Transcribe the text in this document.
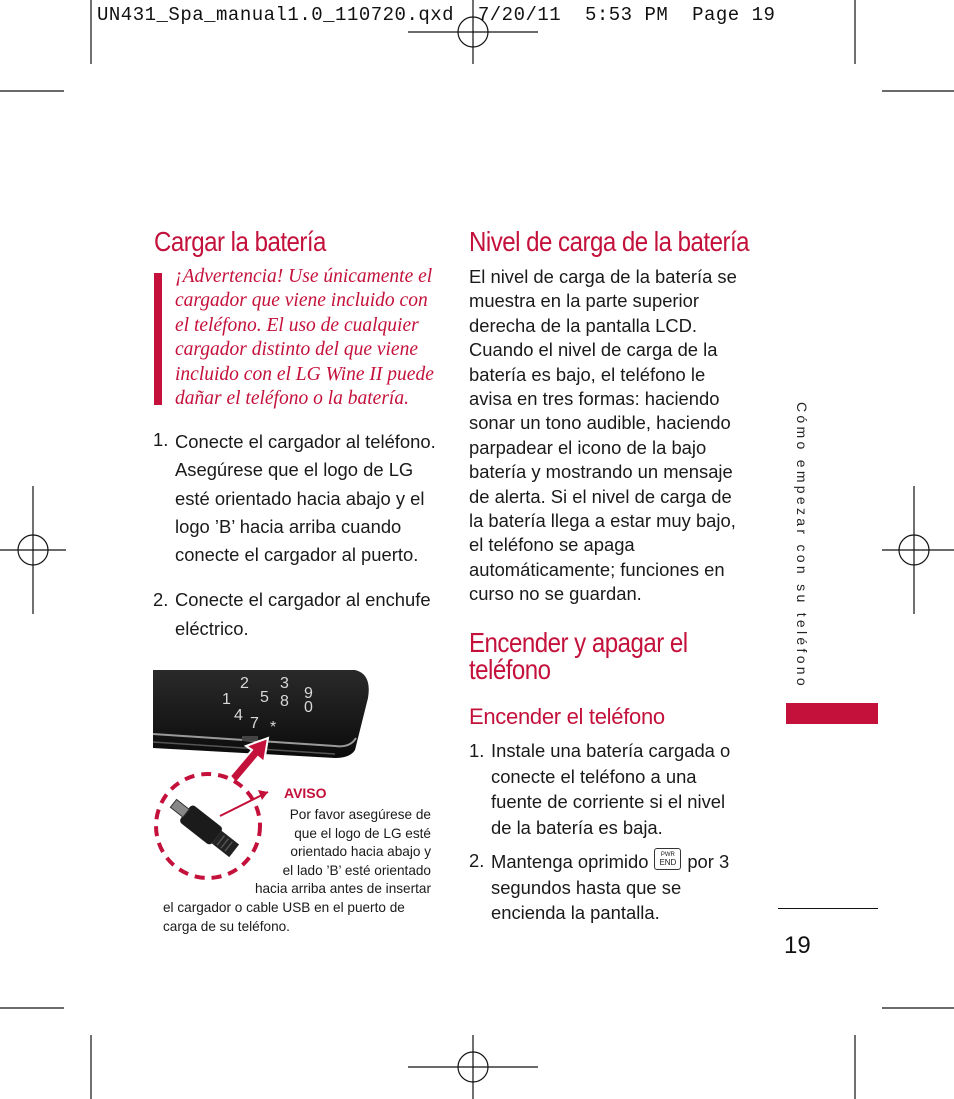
UN431_Spa_manual1.0_110720.qxd  7/20/11  5:53 PM  Page 19
Cargar la batería
¡Advertencia! Use únicamente el cargador que viene incluido con el teléfono. El uso de cualquier cargador distinto del que viene incluido con el LG Wine II puede dañar el teléfono o la batería.
1. Conecte el cargador al teléfono. Asegúrese que el logo de LG esté orientado hacia abajo y el logo ’B’ hacia arriba cuando conecte el cargador al puerto.
2. Conecte el cargador al enchufe eléctrico.
1
2
5
3
4
8 9
7
0
*
AVISO
Por favor asegúrese de
que el logo de LG esté
orientado hacia abajo y
el lado ’B’ esté orientado
hacia arriba antes de insertar
el cargador o cable USB en el puerto de
carga de su teléfono.
Nivel de carga de la batería
El nivel de carga de la batería se muestra en la parte superior derecha de la pantalla LCD. Cuando el nivel de carga de la batería es bajo, el teléfono le avisa en tres formas: haciendo sonar un tono audible, haciendo parpadear el icono de la bajo batería y mostrando un mensaje de alerta. Si el nivel de carga de la batería llega a estar muy bajo, el teléfono se apaga automáticamente; funciones en curso no se guardan.
Encender y apagar el teléfono
Encender el teléfono
1. Instale una batería cargada o conecte el teléfono a una fuente de corriente si el nivel de la batería es baja.
2. Mantenga oprimido PWR
END por 3 segundos hasta que se encienda la pantalla.
Cómo empezar con su teléfono
19
